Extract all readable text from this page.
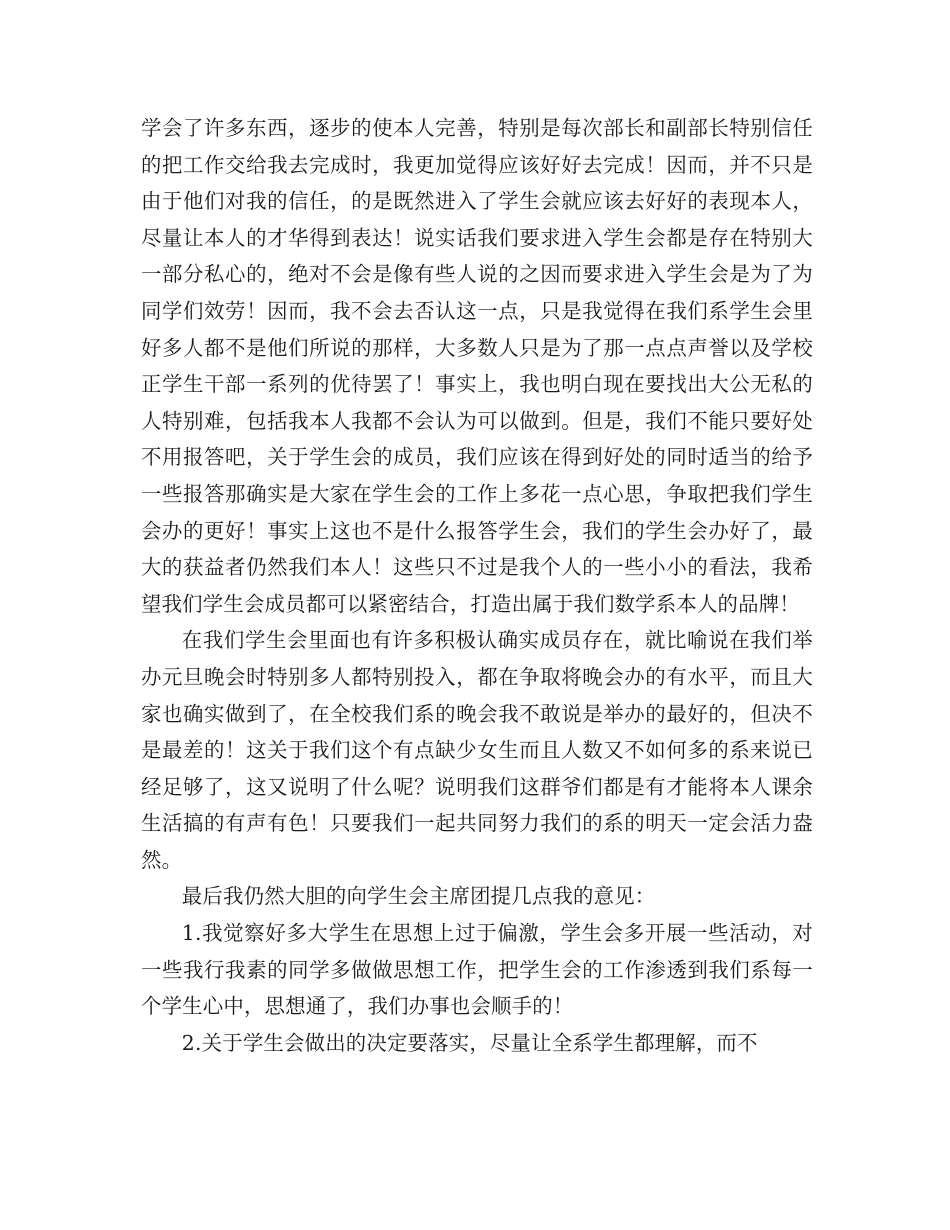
学会了许多东西，逐步的使本人完善，特别是每次部长和副部长特别信任的把工作交给我去完成时，我更加觉得应该好好去完成！因而，并不只是由于他们对我的信任，的是既然进入了学生会就应该去好好的表现本人，尽量让本人的才华得到表达！说实话我们要求进入学生会都是存在特别大一部分私心的，绝对不会是像有些人说的之因而要求进入学生会是为了为同学们效劳！因而，我不会去否认这一点，只是我觉得在我们系学生会里好多人都不是他们所说的那样，大多数人只是为了那一点点声誉以及学校正学生干部一系列的优待罢了！事实上，我也明白现在要找出大公无私的人特别难，包括我本人我都不会认为可以做到。但是，我们不能只要好处不用报答吧，关于学生会的成员，我们应该在得到好处的同时适当的给予一些报答那确实是大家在学生会的工作上多花一点心思，争取把我们学生会办的更好！事实上这也不是什么报答学生会，我们的学生会办好了，最大的获益者仍然我们本人！这些只不过是我个人的一些小小的看法，我希望我们学生会成员都可以紧密结合，打造出属于我们数学系本人的品牌！

在我们学生会里面也有许多积极认确实成员存在，就比喻说在我们举办元旦晚会时特别多人都特别投入，都在争取将晚会办的有水平，而且大家也确实做到了，在全校我们系的晚会我不敢说是举办的最好的，但决不是最差的！这关于我们这个有点缺少女生而且人数又不如何多的系来说已经足够了，这又说明了什么呢？说明我们这群爷们都是有才能将本人课余生活搞的有声有色！只要我们一起共同努力我们的系的明天一定会活力盎然。

最后我仍然大胆的向学生会主席团提几点我的意见：

1.我觉察好多大学生在思想上过于偏激，学生会多开展一些活动，对一些我行我素的同学多做做思想工作，把学生会的工作渗透到我们系每一个学生心中，思想通了，我们办事也会顺手的！

2.关于学生会做出的决定要落实，尽量让全系学生都理解，而不
